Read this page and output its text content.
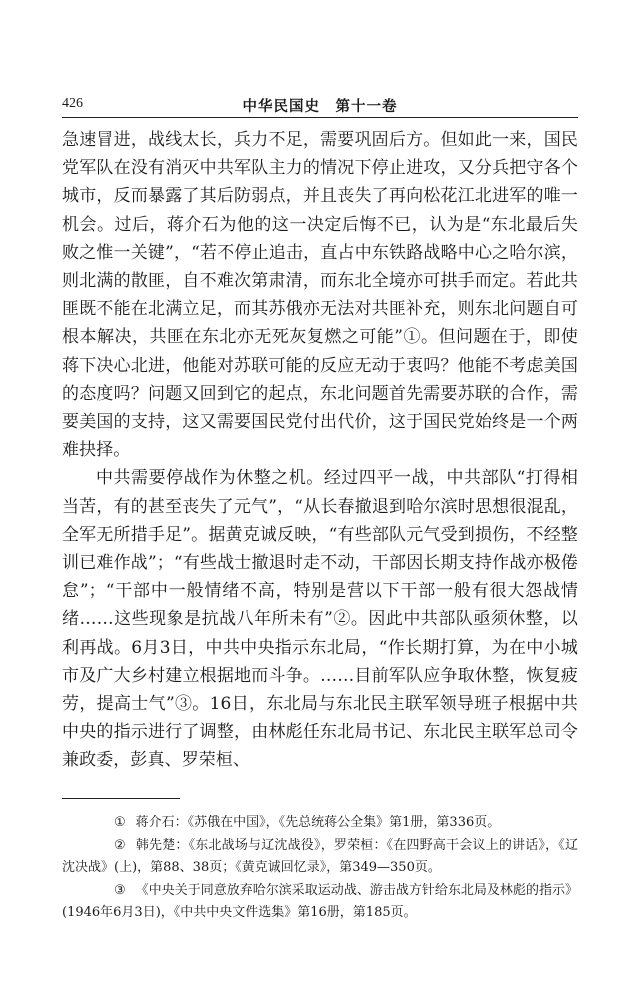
426	中华民国史　第十一卷

急速冒进，战线太长，兵力不足，需要巩固后方。但如此一来，国民党军队在没有消灭中共军队主力的情况下停止进攻，又分兵把守各个城市，反而暴露了其后防弱点，并且丧失了再向松花江北进军的唯一机会。过后，蒋介石为他的这一决定后悔不已，认为是“东北最后失败之惟一关键”，“若不停止追击，直占中东铁路战略中心之哈尔滨，则北满的散匪，自不难次第肃清，而东北全境亦可拱手而定。若此共匪既不能在北满立足，而其苏俄亦无法对共匪补充，则东北问题自可根本解决，共匪在东北亦无死灰复燃之可能”①。但问题在于，即使蒋下决心北进，他能对苏联可能的反应无动于衷吗？他能不考虑美国的态度吗？问题又回到它的起点，东北问题首先需要苏联的合作，需要美国的支持，这又需要国民党付出代价，这于国民党始终是一个两难抉择。

中共需要停战作为休整之机。经过四平一战，中共部队“打得相当苦，有的甚至丧失了元气”，“从长春撤退到哈尔滨时思想很混乱，全军无所措手足”。据黄克诚反映，“有些部队元气受到损伤，不经整训已难作战”；“有些战士撤退时走不动，干部因长期支持作战亦极倦怠”；“干部中一般情绪不高，特别是营以下干部一般有很大怨战情绪……这些现象是抗战八年所未有”②。因此中共部队亟须休整，以利再战。6月3日，中共中央指示东北局，“作长期打算，为在中小城市及广大乡村建立根据地而斗争。……目前军队应争取休整，恢复疲劳，提高士气”③。16日，东北局与东北民主联军领导班子根据中共中央的指示进行了调整，由林彪任东北局书记、东北民主联军总司令兼政委，彭真、罗荣桓、

① 蒋介石：《苏俄在中国》，《先总统蒋公全集》第1册，第336页。

② 韩先楚：《东北战场与辽沈战役》，罗荣桓：《在四野高干会议上的讲话》，《辽沈决战》(上)，第88、38页；《黄克诚回忆录》，第349—350页。

③ 《中央关于同意放弃哈尔滨采取运动战、游击战方针给东北局及林彪的指示》(1946年6月3日)，《中共中央文件选集》第16册，第185页。
